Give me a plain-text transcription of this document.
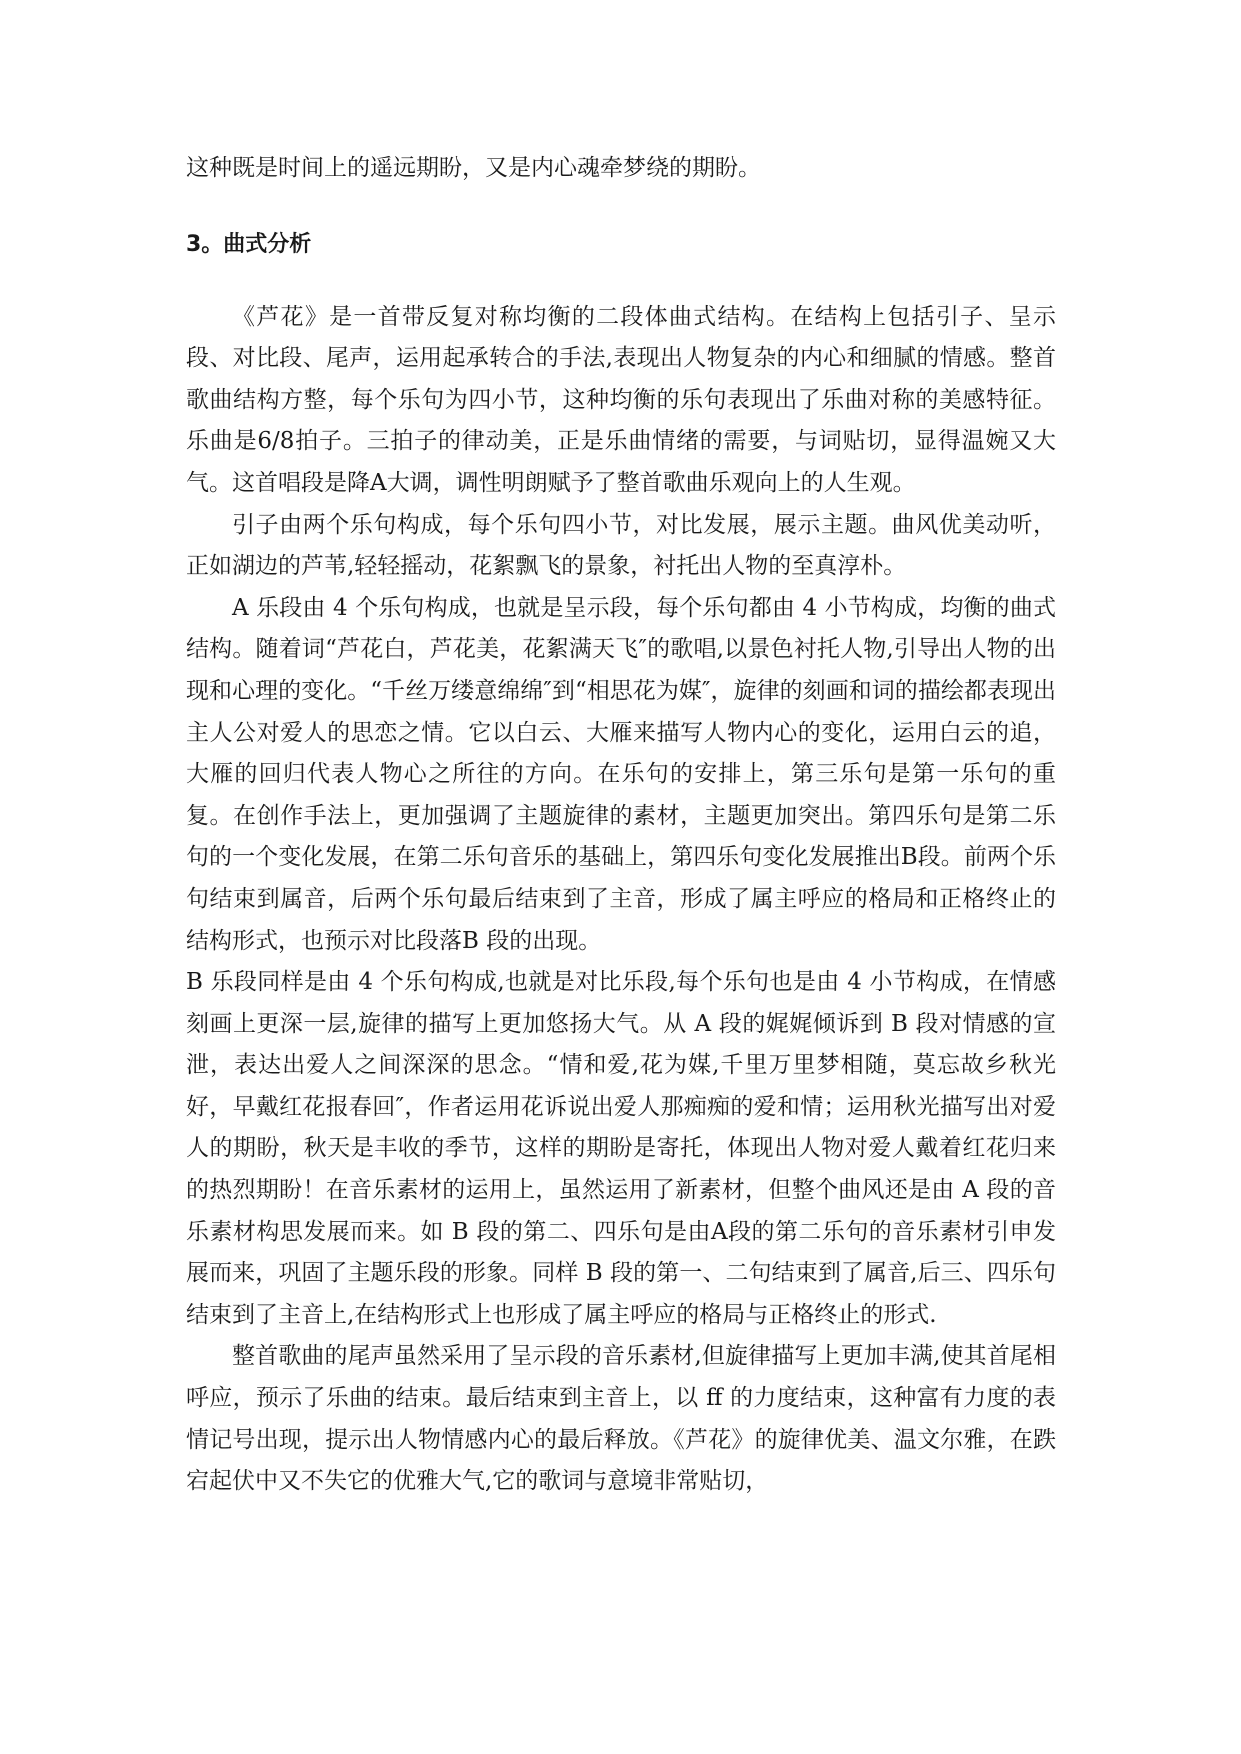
这种既是时间上的遥远期盼，又是内心魂牵梦绕的期盼。

3。曲式分析

《芦花》是一首带反复对称均衡的二段体曲式结构。在结构上包括引子、呈示段、对比段、尾声，运用起承转合的手法,表现出人物复杂的内心和细腻的情感。整首歌曲结构方整，每个乐句为四小节，这种均衡的乐句表现出了乐曲对称的美感特征。乐曲是6/8拍子。三拍子的律动美，正是乐曲情绪的需要，与词贴切，显得温婉又大气。这首唱段是降A大调，调性明朗赋予了整首歌曲乐观向上的人生观。

引子由两个乐句构成，每个乐句四小节，对比发展，展示主题。曲风优美动听，正如湖边的芦苇,轻轻摇动，花絮飘飞的景象，衬托出人物的至真淳朴。

A 乐段由 4 个乐句构成，也就是呈示段，每个乐句都由 4 小节构成，均衡的曲式结构。随着词“芦花白，芦花美，花絮满天飞″的歌唱,以景色衬托人物,引导出人物的出现和心理的变化。“千丝万缕意绵绵″到“相思花为媒″，旋律的刻画和词的描绘都表现出主人公对爱人的思恋之情。它以白云、大雁来描写人物内心的变化，运用白云的追，大雁的回归代表人物心之所往的方向。在乐句的安排上，第三乐句是第一乐句的重复。在创作手法上，更加强调了主题旋律的素材，主题更加突出。第四乐句是第二乐句的一个变化发展，在第二乐句音乐的基础上，第四乐句变化发展推出B段。前两个乐句结束到属音，后两个乐句最后结束到了主音，形成了属主呼应的格局和正格终止的结构形式，也预示对比段落B 段的出现。

B 乐段同样是由 4 个乐句构成,也就是对比乐段,每个乐句也是由 4 小节构成，在情感刻画上更深一层,旋律的描写上更加悠扬大气。从 A 段的娓娓倾诉到 B 段对情感的宣泄，表达出爱人之间深深的思念。“情和爱,花为媒,千里万里梦相随，莫忘故乡秋光好，早戴红花报春回″，作者运用花诉说出爱人那痴痴的爱和情；运用秋光描写出对爱人的期盼，秋天是丰收的季节，这样的期盼是寄托，体现出人物对爱人戴着红花归来的热烈期盼！在音乐素材的运用上，虽然运用了新素材，但整个曲风还是由 A 段的音乐素材构思发展而来。如 B 段的第二、四乐句是由A段的第二乐句的音乐素材引申发展而来，巩固了主题乐段的形象。同样 B 段的第一、二句结束到了属音,后三、四乐句结束到了主音上,在结构形式上也形成了属主呼应的格局与正格终止的形式.

整首歌曲的尾声虽然采用了呈示段的音乐素材,但旋律描写上更加丰满,使其首尾相呼应，预示了乐曲的结束。最后结束到主音上，以 ff 的力度结束，这种富有力度的表情记号出现，提示出人物情感内心的最后释放。《芦花》的旋律优美、温文尔雅，在跌宕起伏中又不失它的优雅大气,它的歌词与意境非常贴切，
